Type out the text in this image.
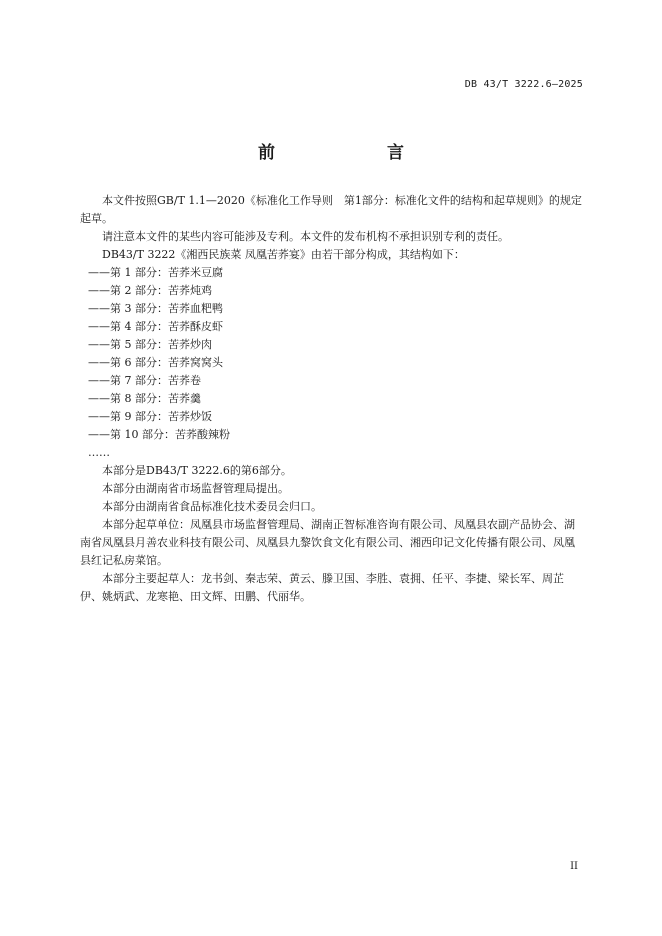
DB 43/T 3222.6—2025
前　　言

本文件按照GB/T 1.1—2020《标准化工作导则　第1部分：标准化文件的结构和起草规则》的规定起草。

请注意本文件的某些内容可能涉及专利。本文件的发布机构不承担识别专利的责任。

DB43/T 3222《湘西民族菜 凤凰苦荞宴》由若干部分构成，其结构如下：

——第 1 部分：苦荞米豆腐

——第 2 部分：苦荞炖鸡

——第 3 部分：苦荞血粑鸭

——第 4 部分：苦荞酥皮虾

——第 5 部分：苦荞炒肉

——第 6 部分：苦荞窝窝头

——第 7 部分：苦荞卷

——第 8 部分：苦荞羹

——第 9 部分：苦荞炒饭

——第 10 部分：苦荞酸辣粉

……

本部分是DB43/T 3222.6的第6部分。

本部分由湖南省市场监督管理局提出。

本部分由湖南省食品标准化技术委员会归口。

本部分起草单位：凤凰县市场监督管理局、湖南正智标准咨询有限公司、凤凰县农副产品协会、湖南省凤凰县月善农业科技有限公司、凤凰县九黎饮食文化有限公司、湘西印记文化传播有限公司、凤凰县红记私房菜馆。

本部分主要起草人：龙书剑、秦志荣、黄云、滕卫国、李胜、袁拥、任平、李捷、梁长军、周芷伊、姚炳武、龙寒艳、田文辉、田鹏、代丽华。

II
